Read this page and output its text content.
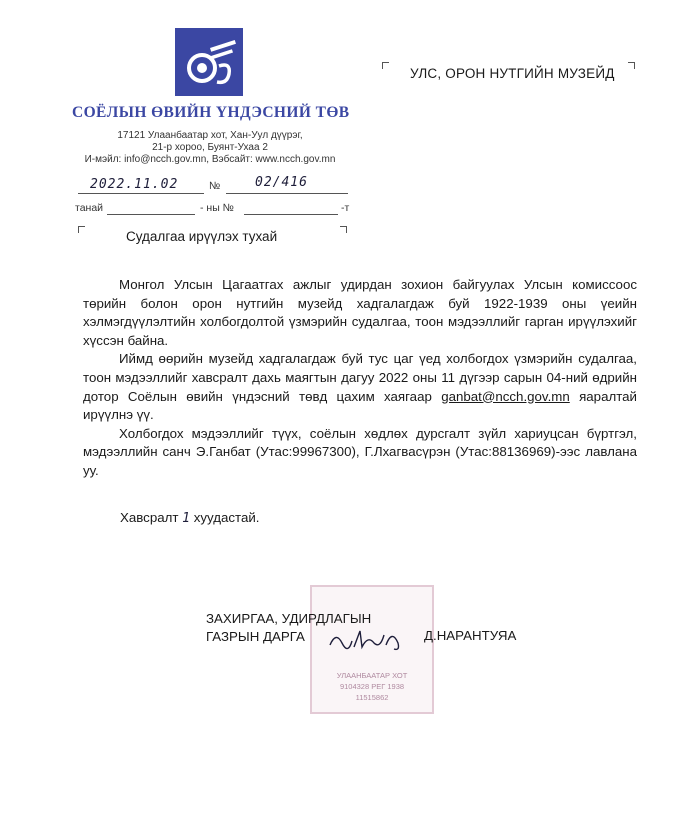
СОЁЛЫН ӨВИЙН ҮНДЭСНИЙ ТӨВ
17121 Улаанбаатар хот, Хан-Уул дүүрэг,
21-р хороо, Буянт-Ухаа 2
И-мэйл: info@ncch.gov.mn, Вэбсайт: www.ncch.gov.mn
2022.11.02	№	02/416
танай	- ны №	-т
УЛС, ОРОН НУТГИЙН МУЗЕЙД
Судалгаа ирүүлэх тухай

Монгол Улсын Цагаатгах ажлыг удирдан зохион байгуулах Улсын комиссоос төрийн болон орон нутгийн музейд хадгалагдаж буй 1922-1939 оны үеийн хэлмэгдүүлэлтийн холбогдолтой үзмэрийн судалгаа, тоон мэдээллийг гарган ирүүлэхийг хүссэн байна.

Иймд өөрийн музейд хадгалагдаж буй тус цаг үед холбогдох үзмэрийн судалгаа, тоон мэдээллийг хавсралт дахь маягтын дагуу 2022 оны 11 дүгээр сарын 04-ний өдрийн дотор Соёлын өвийн үндэсний төвд цахим хаягаар ganbat@ncch.gov.mn яаралтай ирүүлнэ үү.

Холбогдох мэдээллийг түүх, соёлын хөдлөх дурсгалт зүйл хариуцсан бүртгэл, мэдээллийн санч Э.Ганбат (Утас:99967300), Г.Лхагвасүрэн (Утас:88136969)-ээс лавлана уу.

Хавсралт 1 хуудастай.
УЛААНБААТАР ХОТ
9104328 РЕГ 1938
11515862
ЗАХИРГАА, УДИРДЛАГЫН
ГАЗРЫН ДАРГА	Д.НАРАНТУЯА
